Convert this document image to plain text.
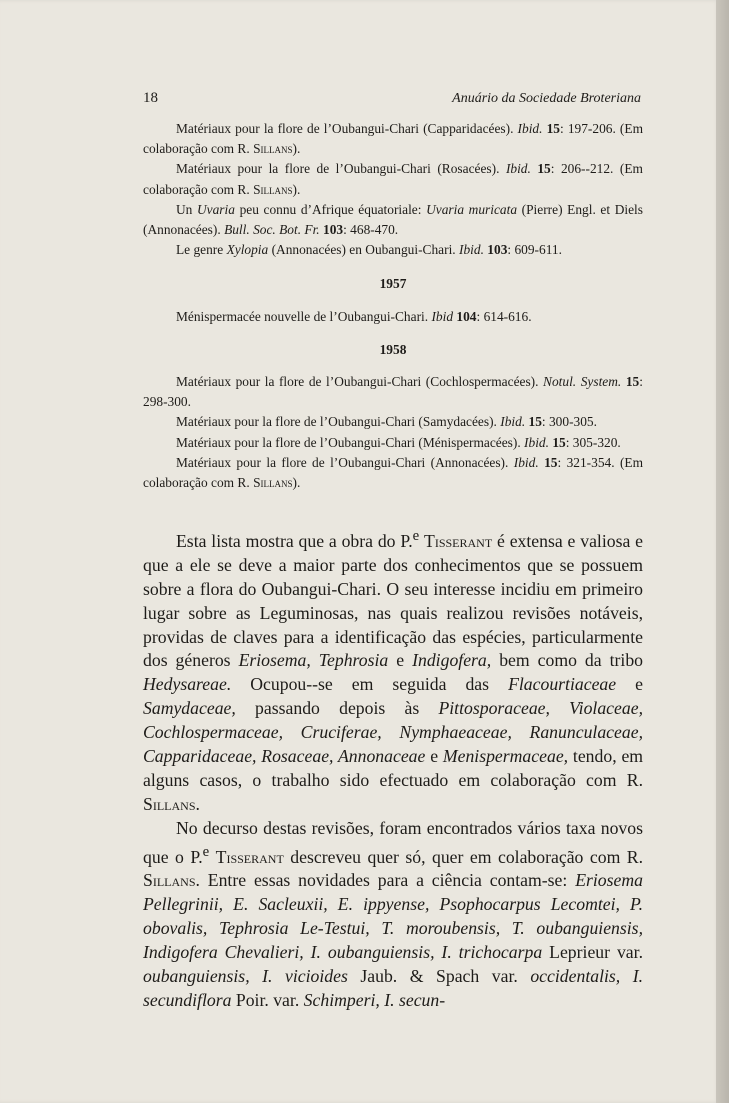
18	Anuário da Sociedade Broteriana

Matériaux pour la flore de l’Oubangui-Chari (Capparidacées). Ibid. 15: 197-206. (Em colaboração com R. Sillans).

Matériaux pour la flore de l’Oubangui-Chari (Rosacées). Ibid. 15: 206--212. (Em colaboração com R. Sillans).

Un Uvaria peu connu d’Afrique équatoriale: Uvaria muricata (Pierre) Engl. et Diels (Annonacées). Bull. Soc. Bot. Fr. 103: 468-470.

Le genre Xylopia (Annonacées) en Oubangui-Chari. Ibid. 103: 609-611.

1957

Ménispermacée nouvelle de l’Oubangui-Chari. Ibid 104: 614-616.

1958

Matériaux pour la flore de l’Oubangui-Chari (Cochlospermacées). Notul. System. 15: 298-300.

Matériaux pour la flore de l’Oubangui-Chari (Samydacées). Ibid. 15: 300-305.

Matériaux pour la flore de l’Oubangui-Chari (Ménispermacées). Ibid. 15: 305-320.

Matériaux pour la flore de l’Oubangui-Chari (Annonacées). Ibid. 15: 321-354. (Em colaboração com R. Sillans).

Esta lista mostra que a obra do P.$^e$ Tisserant é extensa e valiosa e que a ele se deve a maior parte dos conhecimentos que se possuem sobre a flora do Oubangui-Chari. O seu interesse incidiu em primeiro lugar sobre as Leguminosas, nas quais realizou revisões notáveis, providas de claves para a identificação das espécies, particularmente dos géneros Eriosema, Tephrosia e Indigofera, bem como da tribo Hedysareae. Ocupou--se em seguida das Flacourtiaceae e Samydaceae, passando depois às Pittosporaceae, Violaceae, Cochlospermaceae, Cruciferae, Nymphaeaceae, Ranunculaceae, Capparidaceae, Rosaceae, Annonaceae e Menispermaceae, tendo, em alguns casos, o trabalho sido efectuado em colaboração com R. Sillans.

No decurso destas revisões, foram encontrados vários taxa novos que o P.$^e$ Tisserant descreveu quer só, quer em colaboração com R. Sillans. Entre essas novidades para a ciência contam-se: Eriosema Pellegrinii, E. Sacleuxii, E. ippyense, Psophocarpus Lecomtei, P. obovalis, Tephrosia Le-Testui, T. moroubensis, T. oubanguiensis, Indigofera Chevalieri, I. oubanguiensis, I. trichocarpa Leprieur var. oubanguiensis, I. vicioides Jaub. & Spach var. occidentalis, I. secundiflora Poir. var. Schimperi, I. secun-
